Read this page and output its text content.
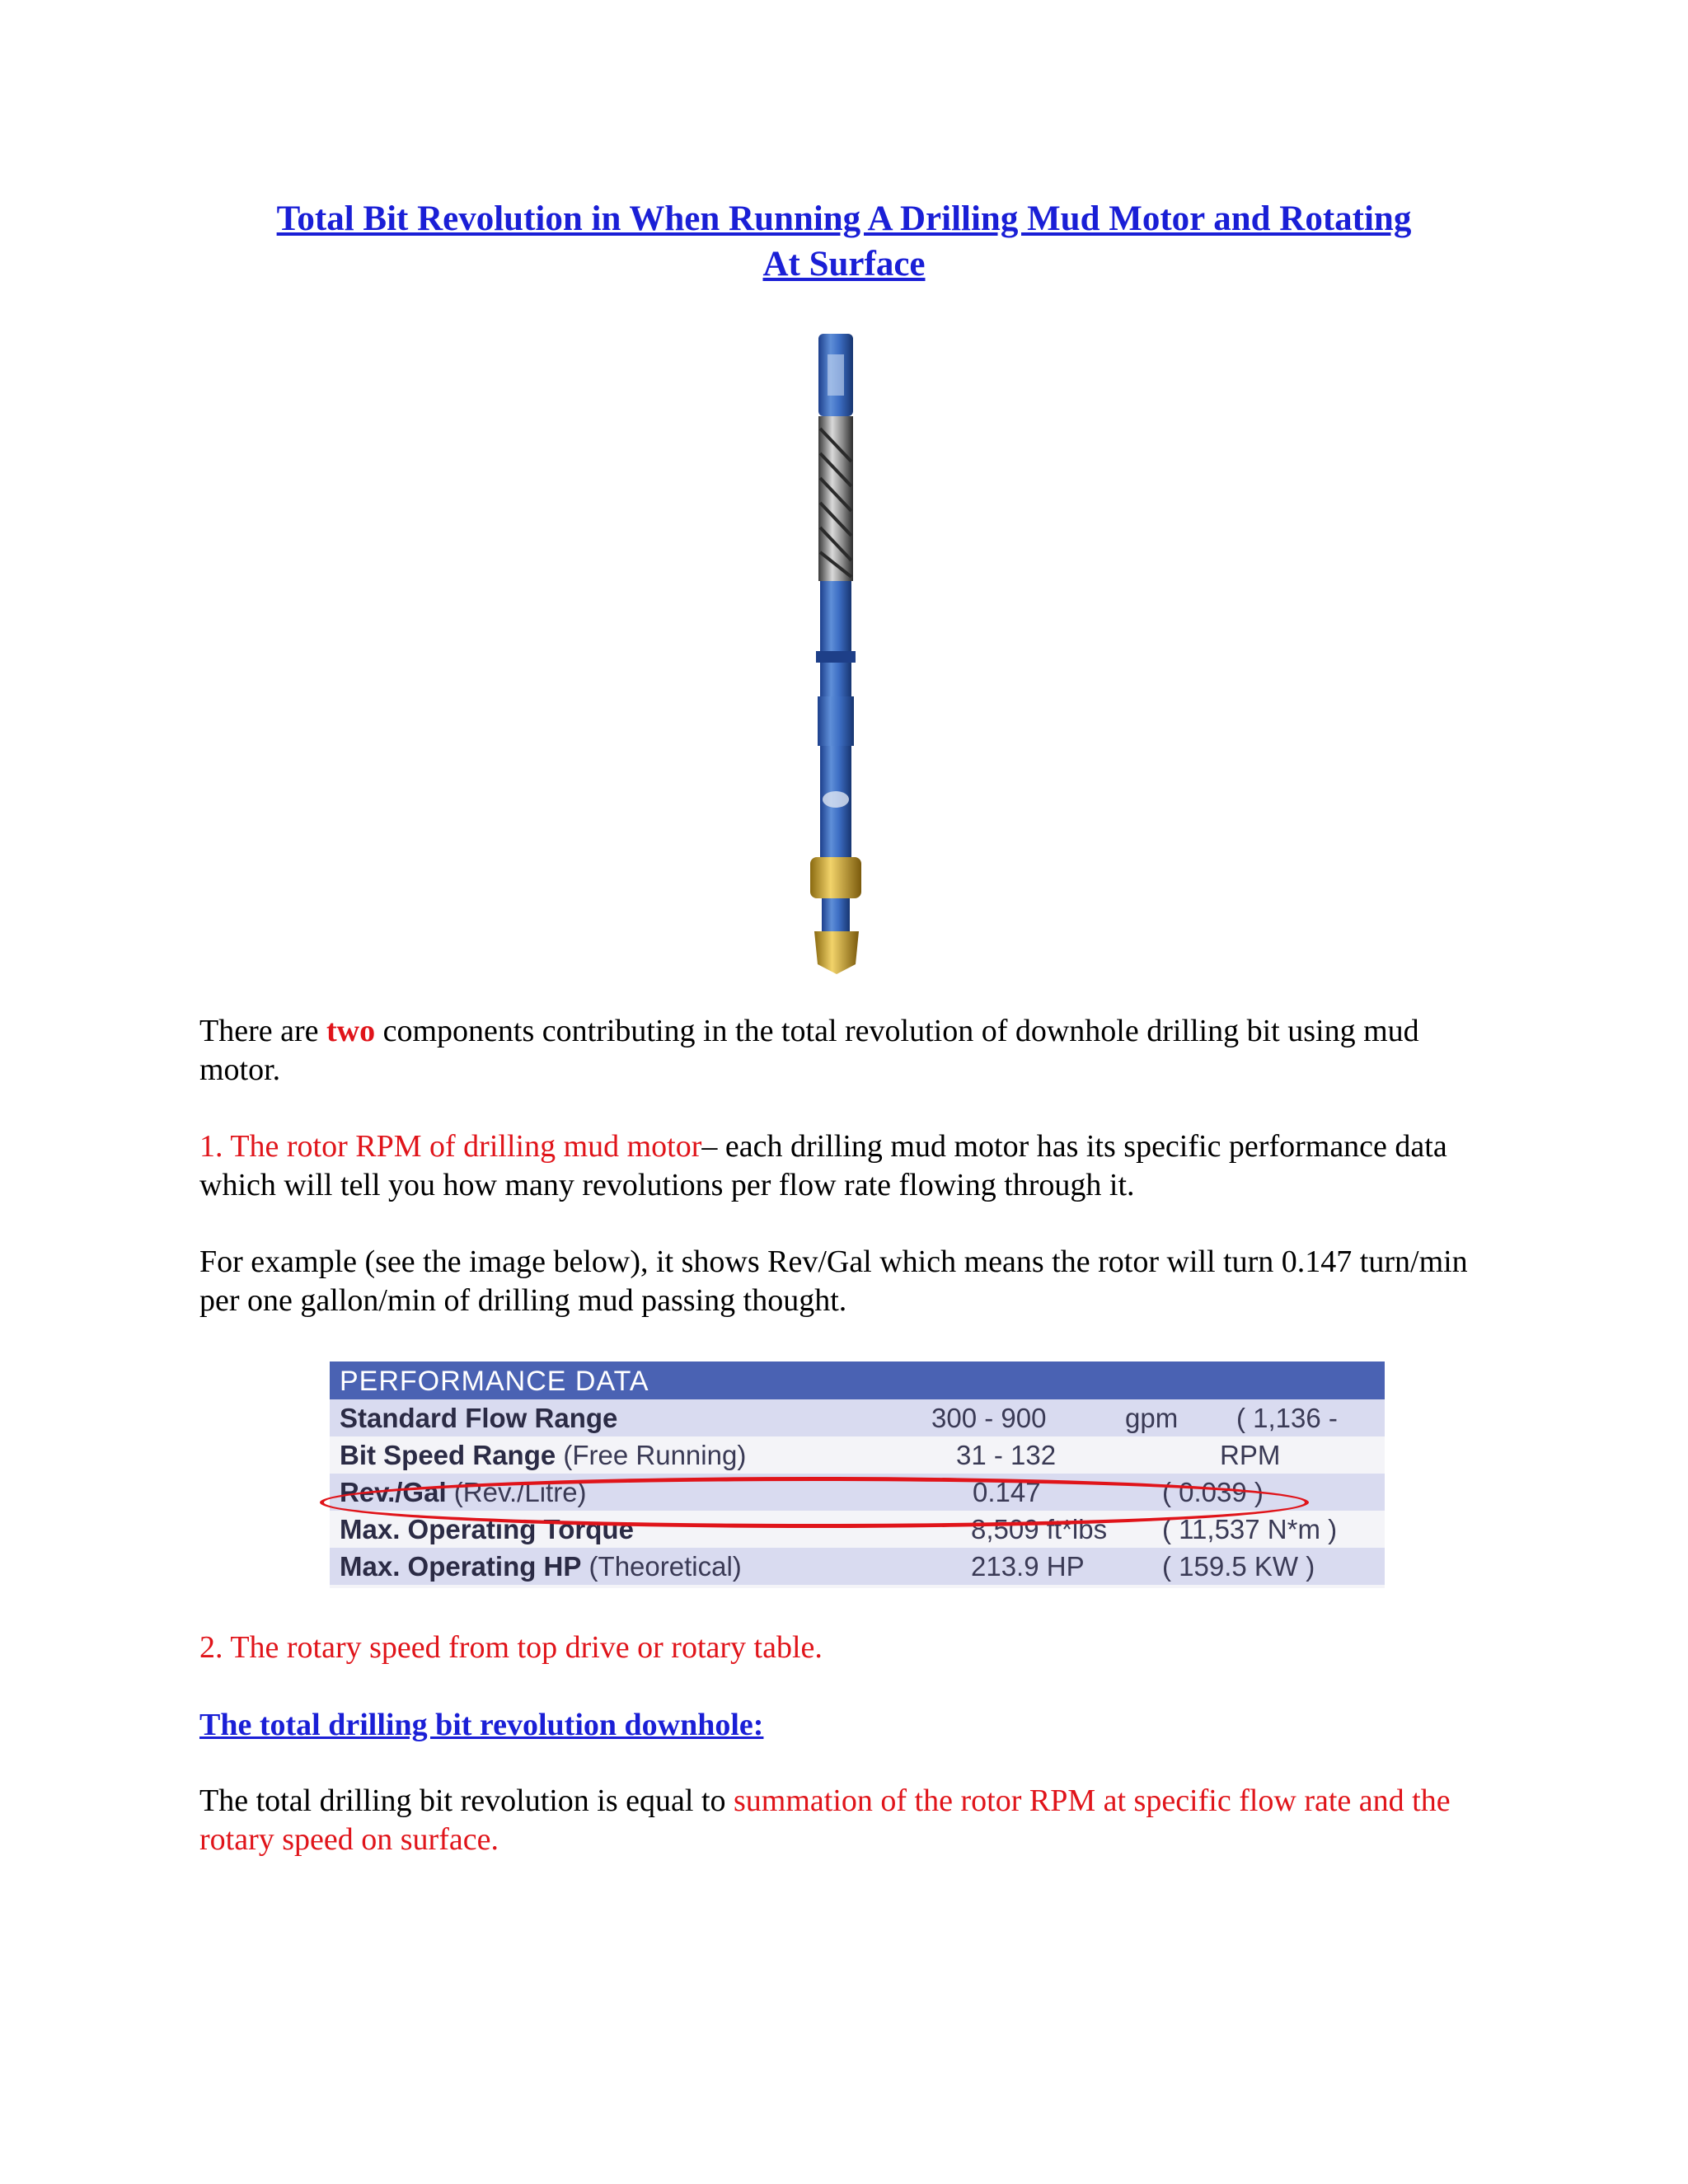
Total Bit Revolution in When Running A Drilling Mud Motor and Rotating
At Surface
There are two components contributing in the total revolution of downhole drilling bit using mud motor.
1. The rotor RPM of drilling mud motor– each drilling mud motor has its specific performance data which will tell you how many revolutions per flow rate flowing through it.
For example (see the image below), it shows Rev/Gal which means the rotor will turn 0.147 turn/min per one gallon/min of drilling mud passing thought.
PERFORMANCE DATA
Standard Flow Range	300 - 900	gpm ( 1,136 -
Bit Speed Range (Free Running)	31 - 132	RPM
Rev./Gal (Rev./Litre)	0.147	( 0.039 )
Max. Operating Torque	8,509 ft*lbs ( 11,537 N*m )
Max. Operating HP (Theoretical)	213.9 HP	( 159.5 KW )
2. The rotary speed from top drive or rotary table.
The total drilling bit revolution downhole:
The total drilling bit revolution is equal to summation of the rotor RPM at specific flow rate and the rotary speed on surface.
